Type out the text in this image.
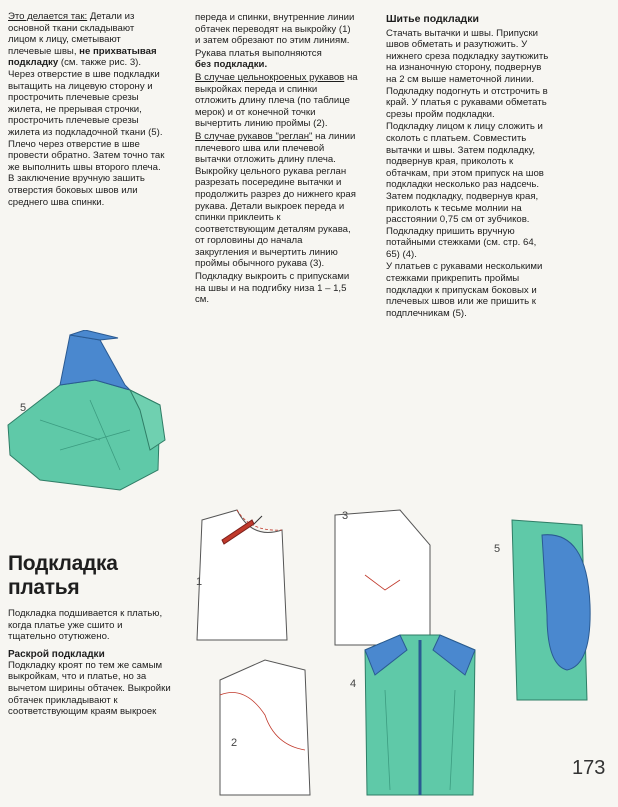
Это делается так: Детали из основной ткани складывают лицом к лицу, сметывают плечевые швы, не прихватывая подкладку (см. также рис. 3). Через отверстие в шве подкладки вытащить на лицевую сторону и прострочить плечевые срезы жилета, не прерывая строчки, прострочить плечевые срезы жилета из подкладочной ткани (5). Плечо через отверстие в шве провести обратно. Затем точно так же выполнить швы второго плеча. В заключение вручную зашить отверстия боковых швов или среднего шва спинки.

переда и спинки, внутренние линии обтачек переводят на выкройку (1) и затем обрезают по этим линиям.

Рукава платья выполняются
без подкладки.

В случае цельнокроеных рукавов на выкройках переда и спинки отложить длину плеча (по таблице мерок) и от конечной точки вычертить линию проймы (2).

В случае рукавов "реглан" на линии плечевого шва или плечевой вытачки отложить длину плеча. Выкройку цельного рукава реглан разрезать посередине вытачки и продолжить разрез до нижнего края рукава. Детали выкроек переда и спинки приклеить к соответствующим деталям рукава, от горловины до начала закругления и вычертить линию проймы обычного рукава (3).

Подкладку выкроить с припусками на швы и на подгибку низа 1 – 1,5 см.

Шитье подкладки

Стачать вытачки и швы. Припуски швов обметать и разутюжить. У нижнего среза подкладку заутюжить на изнаночную сторону, подвернув на 2 см выше наметочной линии. Подкладку подогнуть и отстрочить в край. У платья с рукавами обметать срезы пройм подкладки.

Подкладку лицом к лицу сложить и сколоть с платьем. Совместить вытачки и швы. Затем подкладку, подвернув края, приколоть к обтачкам, при этом припуск на шов подкладки несколько раз надсечь. Затем подкладку, подвернув края, приколоть к тесьме молнии на расстоянии 0,75 см от зубчиков. Подкладку пришить вручную потайными стежками (см. стр. 64, 65) (4).

У платьев с рукавами несколькими стежками прикрепить проймы подкладки к припускам боковых и плечевых швов или же пришить к подплечникам (5).

5
Подкладка платья
Подкладка подшивается к платью, когда платье уже сшито и тщательно отутюжено.
Раскрой подкладки
Подкладку кроят по тем же самым выкройкам, что и платье, но за вычетом ширины обтачек. Выкройки обтачек прикладывают к соответствующим краям выкроек
1
2
3
4
5
173
